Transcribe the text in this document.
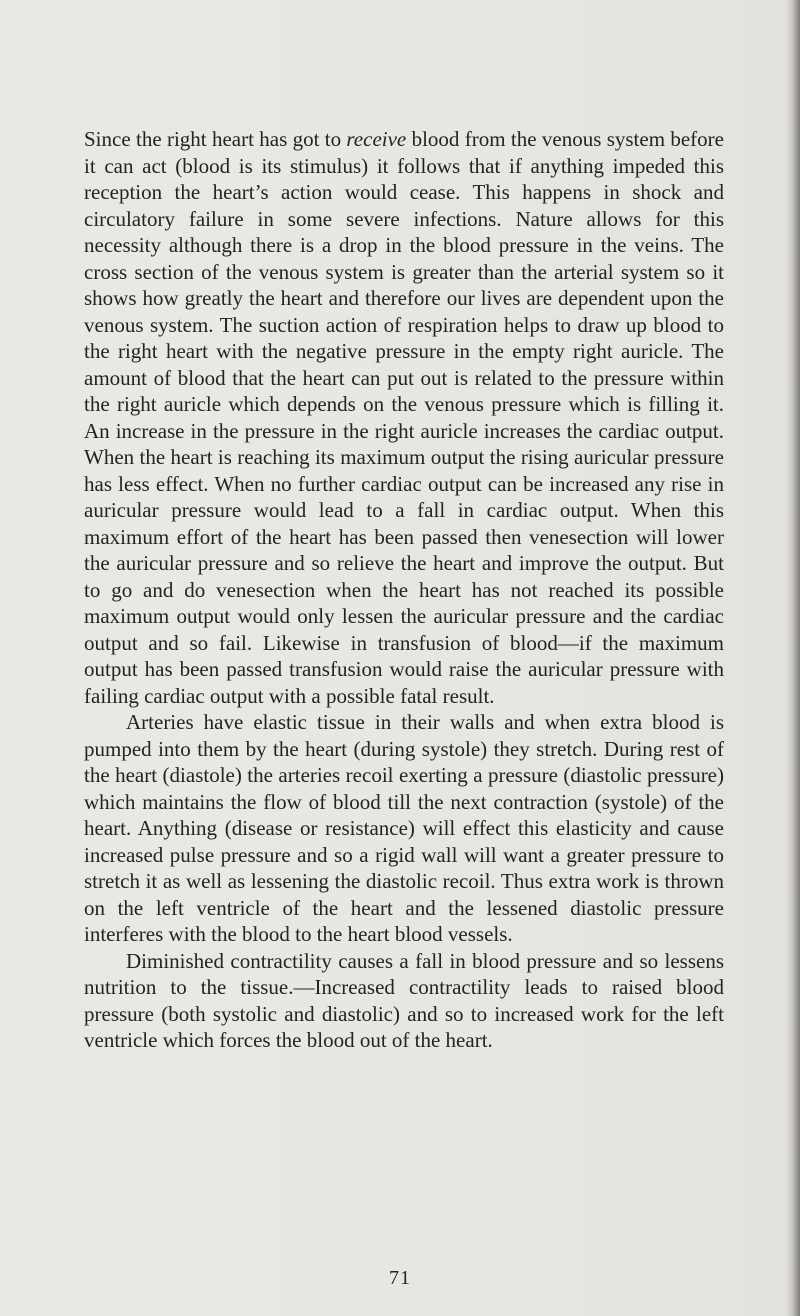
Since the right heart has got to receive blood from the venous system before it can act (blood is its stimulus) it follows that if anything impeded this reception the heart’s action would cease. This happens in shock and circulatory failure in some severe infections. Nature allows for this necessity although there is a drop in the blood pressure in the veins. The cross section of the venous system is greater than the arterial system so it shows how greatly the heart and therefore our lives are dependent upon the venous system. The suction action of respiration helps to draw up blood to the right heart with the negative pressure in the empty right auricle. The amount of blood that the heart can put out is related to the pressure within the right auricle which depends on the venous pressure which is filling it. An increase in the pressure in the right auricle increases the cardiac output. When the heart is reaching its maximum output the rising auricular pressure has less effect. When no further cardiac output can be increased any rise in auricular pressure would lead to a fall in cardiac output. When this maximum effort of the heart has been passed then venesection will lower the auricular pressure and so relieve the heart and improve the output. But to go and do venesection when the heart has not reached its possible maximum output would only lessen the auricular pressure and the cardiac output and so fail. Likewise in transfusion of blood—if the maximum output has been passed transfusion would raise the auricular pressure with failing cardiac output with a possible fatal result.

Arteries have elastic tissue in their walls and when extra blood is pumped into them by the heart (during systole) they stretch. During rest of the heart (diastole) the arteries recoil exerting a pressure (diastolic pressure) which maintains the flow of blood till the next contraction (systole) of the heart. Anything (disease or resistance) will effect this elasticity and cause increased pulse pressure and so a rigid wall will want a greater pressure to stretch it as well as lessening the diastolic recoil. Thus extra work is thrown on the left ventricle of the heart and the lessened diastolic pressure interferes with the blood to the heart blood vessels.

Diminished contractility causes a fall in blood pressure and so lessens nutrition to the tissue.—Increased contractility leads to raised blood pressure (both systolic and diastolic) and so to increased work for the left ventricle which forces the blood out of the heart.

71
